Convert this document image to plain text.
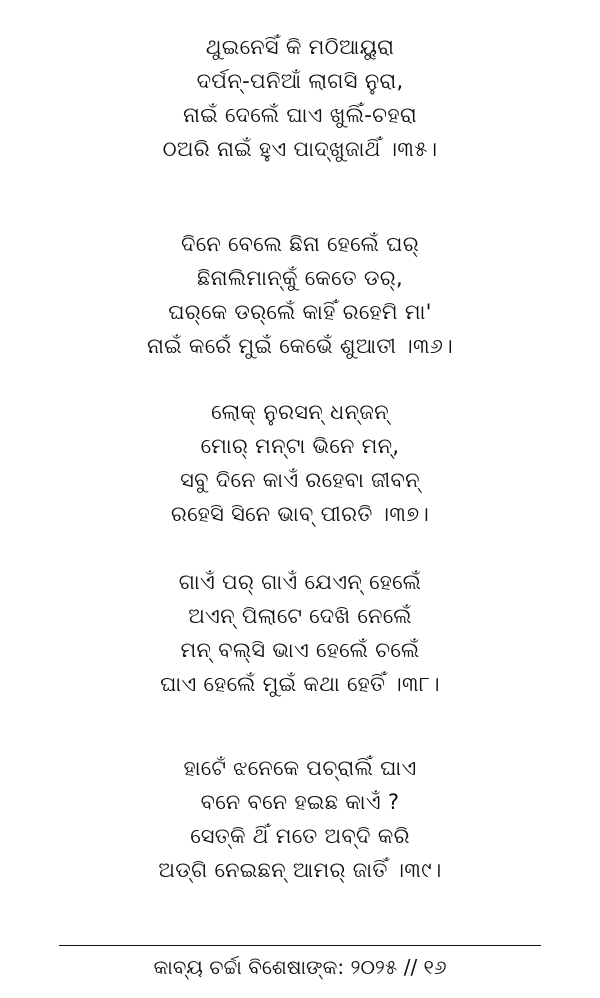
ଥୁଇନେସିଁ କି ମଠିଆୟୁରା
ଦର୍ପନ୍-ପନିଆଁ ଲାଗସି ନୁରା,
ନାଇଁ ଦେଲେଁ ଘାଏ ଖୁଲିଁ-ଚହରା
ଠଅରି ନାଇଁ ହୁଏ ପାଦ୍‌ଖୁଜାଥିଁ ।୩୫।
ଦିନେ ବେଲେ ଛିନା ହେଲେଁ ଘର୍
ଛିନାଲିମାନ୍‌କୁଁ କେତେ ଡର୍,
ଘର୍‌କେ ଡର୍‌ଲେଁ କାହିଁ ରହେମି ମା'
ନାଇଁ କରେଁ ମୁଇଁ କେଭେଁ ଶୁଆତୀ ।୩୬।
ଲୋକ୍ ନୁରସନ୍ ଧନ୍‌ଜନ୍
ମୋର୍ ମନ୍‌ଟା ଭିନେ ମନ୍,
ସବୁ ଦିନେ କାଏଁ ରହେବା ଜୀବନ୍
ରହେସି ସିନେ ଭାବ୍ ପୀରତି ।୩୭।
ଗାଏଁ ପର୍ ଗାଏଁ ଯେଏନ୍ ହେଲେଁ
ଅଏନ୍ ପିଲାଟେ ଦେଖି ନେଲେଁ
ମନ୍ ବଲ୍‌ସି ଭାଏ ହେଲେଁ ଚଲେଁ
ଘାଏ ହେଲେଁ ମୁଇଁ କଥା ହେତିଁ ।୩୮।
ହାଟେଁ ଝନେକେ ପଚ୍ରାଲିଁ ଘାଏ
ବନେ ବନେ ହଇଛ କାଏଁ ?
ସେତ୍‌କି ଥିଁ ମତେ ଅବ୍‌ଦି କରି
ଅଡ୍‌ଗି ନେଇଛନ୍ ଆମର୍ ଜାତିଁ ।୩୯।
କାବ୍ୟ ଚର୍ଚ୍ଚା ବିଶେଷାଙ୍କ: ୨୦୨୫ // ୧୬
